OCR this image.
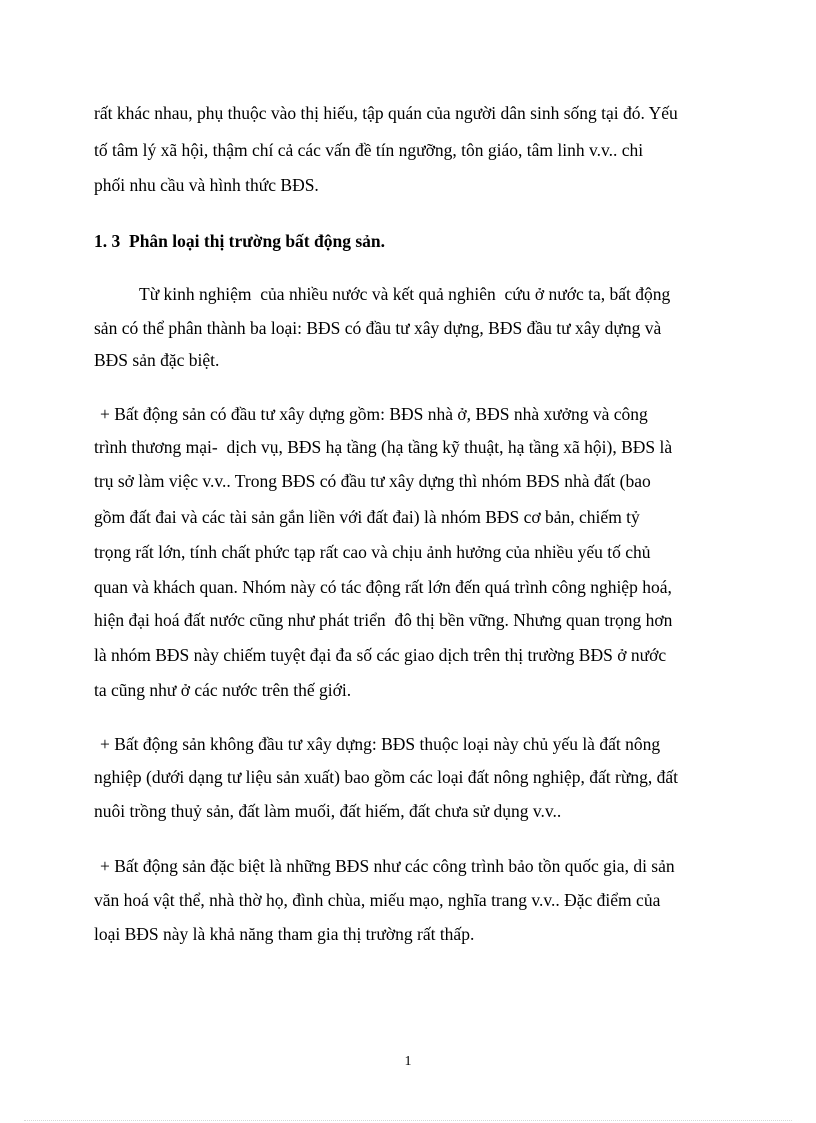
rất khác nhau, phụ thuộc vào thị hiếu, tập quán của người dân sinh sống tại đó. Yếu

tố tâm lý xã hội, thậm chí cả các vấn đề tín ngưỡng, tôn giáo, tâm linh v.v.. chi

phối nhu cầu và hình thức BĐS.

1. 3  Phân loại thị trường bất động sản.

Từ kinh nghiệm  của nhiều nước và kết quả nghiên  cứu ở nước ta, bất động

sản có thể phân thành ba loại: BĐS có đầu tư xây dựng, BĐS đầu tư xây dựng và

BĐS sản đặc biệt.

+ Bất động sản có đầu tư xây dựng gồm: BĐS nhà ở, BĐS nhà xưởng và công

trình thương mại-  dịch vụ, BĐS hạ tầng (hạ tầng kỹ thuật, hạ tầng xã hội), BĐS là

trụ sở làm việc v.v.. Trong BĐS có đầu tư xây dựng thì nhóm BĐS nhà đất (bao

gồm đất đai và các tài sản gắn liền với đất đai) là nhóm BĐS cơ bản, chiếm tỷ

trọng rất lớn, tính chất phức tạp rất cao và chịu ảnh hưởng của nhiều yếu tố chủ

quan và khách quan. Nhóm này có tác động rất lớn đến quá trình công nghiệp hoá,

hiện đại hoá đất nước cũng như phát triển  đô thị bền vững. Nhưng quan trọng hơn

là nhóm BĐS này chiếm tuyệt đại đa số các giao dịch trên thị trường BĐS ở nước

ta cũng như ở các nước trên thế giới.

+ Bất động sản không đầu tư xây dựng: BĐS thuộc loại này chủ yếu là đất nông

nghiệp (dưới dạng tư liệu sản xuất) bao gồm các loại đất nông nghiệp, đất rừng, đất

nuôi trồng thuỷ sản, đất làm muối, đất hiếm, đất chưa sử dụng v.v..

+ Bất động sản đặc biệt là những BĐS như các công trình bảo tồn quốc gia, di sản

văn hoá vật thể, nhà thờ họ, đình chùa, miếu mạo, nghĩa trang v.v.. Đặc điểm của

loại BĐS này là khả năng tham gia thị trường rất thấp.

1
